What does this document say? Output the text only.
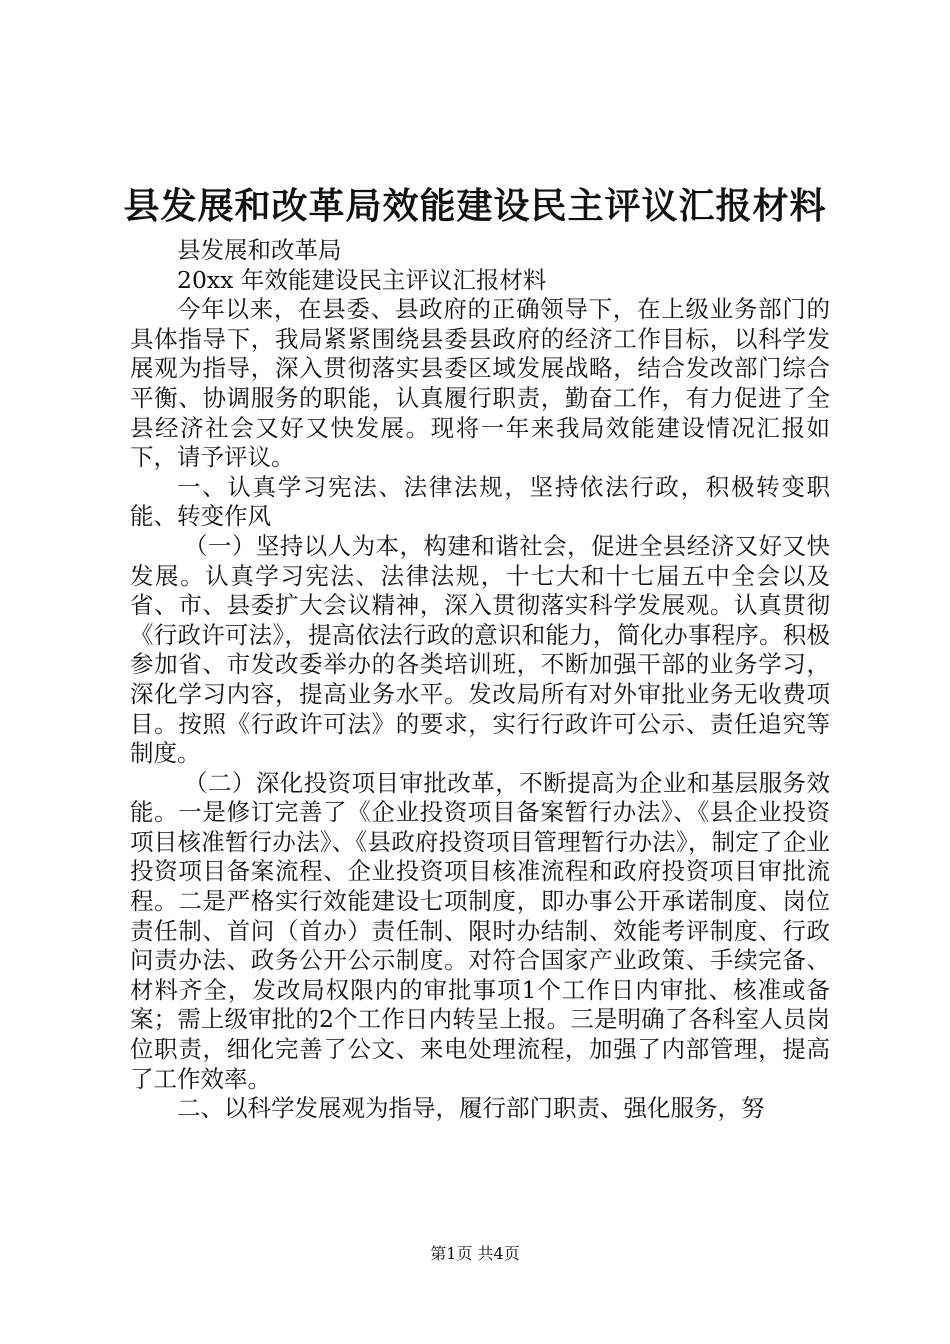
县发展和改革局效能建设民主评议汇报材料

县发展和改革局

20xx 年效能建设民主评议汇报材料

今年以来，在县委、县政府的正确领导下，在上级业务部门的具体指导下，我局紧紧围绕县委县政府的经济工作目标，以科学发展观为指导，深入贯彻落实县委区域发展战略，结合发改部门综合平衡、协调服务的职能，认真履行职责，勤奋工作，有力促进了全县经济社会又好又快发展。现将一年来我局效能建设情况汇报如下，请予评议。

一、认真学习宪法、法律法规，坚持依法行政，积极转变职能、转变作风

（一）坚持以人为本，构建和谐社会，促进全县经济又好又快发展。认真学习宪法、法律法规，十七大和十七届五中全会以及省、市、县委扩大会议精神，深入贯彻落实科学发展观。认真贯彻《行政许可法》，提高依法行政的意识和能力，简化办事程序。积极参加省、市发改委举办的各类培训班，不断加强干部的业务学习，深化学习内容，提高业务水平。发改局所有对外审批业务无收费项目。按照《行政许可法》的要求，实行行政许可公示、责任追究等制度。

（二）深化投资项目审批改革，不断提高为企业和基层服务效能。一是修订完善了《企业投资项目备案暂行办法》、《县企业投资项目核准暂行办法》、《县政府投资项目管理暂行办法》，制定了企业投资项目备案流程、企业投资项目核准流程和政府投资项目审批流程。二是严格实行效能建设七项制度，即办事公开承诺制度、岗位责任制、首问（首办）责任制、限时办结制、效能考评制度、行政问责办法、政务公开公示制度。对符合国家产业政策、手续完备、材料齐全，发改局权限内的审批事项1个工作日内审批、核准或备案；需上级审批的2个工作日内转呈上报。三是明确了各科室人员岗位职责，细化完善了公文、来电处理流程，加强了内部管理，提高了工作效率。

二、以科学发展观为指导，履行部门职责、强化服务，努

第1页 共4页
